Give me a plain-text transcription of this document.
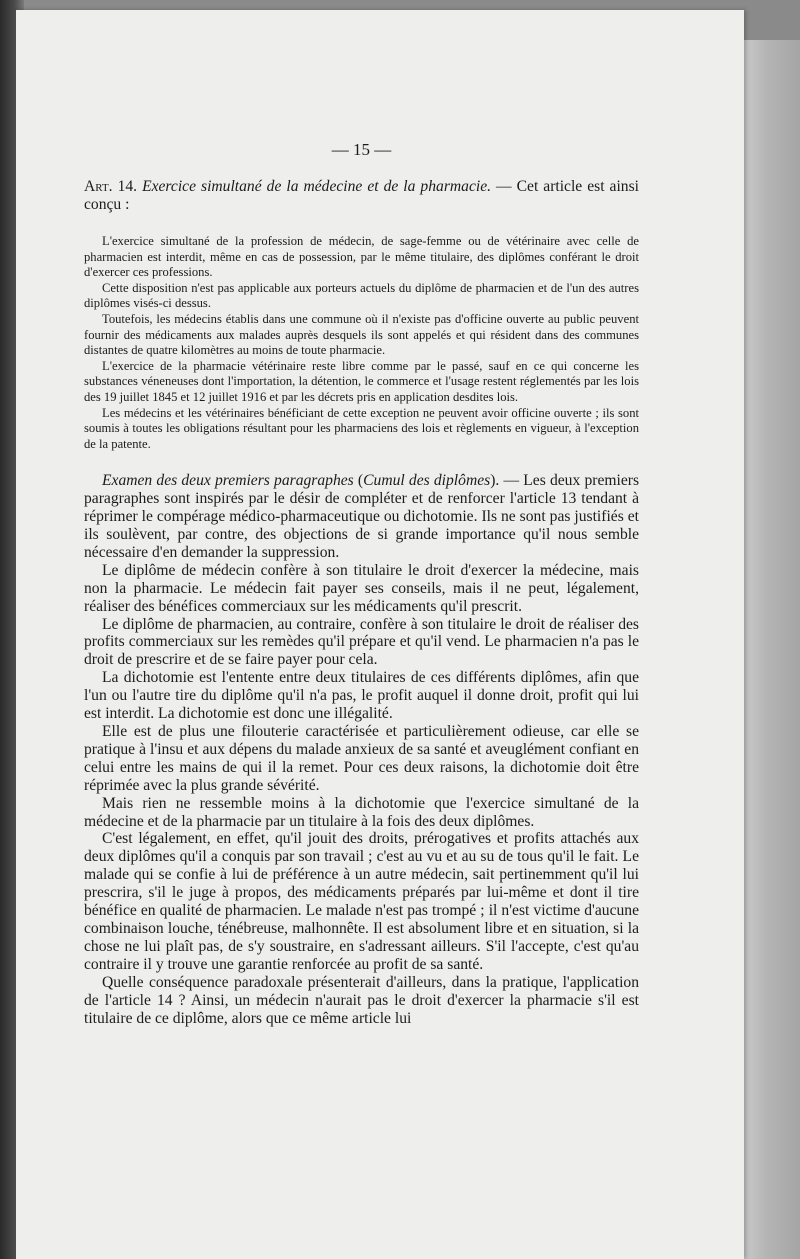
— 15 —

Art. 14. Exercice simultané de la médecine et de la pharmacie. — Cet article est ainsi conçu :

L'exercice simultané de la profession de médecin, de sage-femme ou de vétérinaire avec celle de pharmacien est interdit, même en cas de possession, par le même titulaire, des diplômes conférant le droit d'exercer ces professions.

Cette disposition n'est pas applicable aux porteurs actuels du diplôme de pharmacien et de l'un des autres diplômes visés-ci dessus.

Toutefois, les médecins établis dans une commune où il n'existe pas d'officine ouverte au public peuvent fournir des médicaments aux malades auprès desquels ils sont appelés et qui résident dans des communes distantes de quatre kilomètres au moins de toute pharmacie.

L'exercice de la pharmacie vétérinaire reste libre comme par le passé, sauf en ce qui concerne les substances véneneuses dont l'importation, la détention, le commerce et l'usage restent réglementés par les lois des 19 juillet 1845 et 12 juillet 1916 et par les décrets pris en application desdites lois.

Les médecins et les vétérinaires bénéficiant de cette exception ne peuvent avoir officine ouverte ; ils sont soumis à toutes les obligations résultant pour les pharmaciens des lois et règlements en vigueur, à l'exception de la patente.

Examen des deux premiers paragraphes (Cumul des diplômes). — Les deux premiers paragraphes sont inspirés par le désir de compléter et de renforcer l'article 13 tendant à réprimer le compérage médico-pharmaceutique ou dichotomie. Ils ne sont pas justifiés et ils soulèvent, par contre, des objections de si grande importance qu'il nous semble nécessaire d'en demander la suppression.

Le diplôme de médecin confère à son titulaire le droit d'exercer la médecine, mais non la pharmacie. Le médecin fait payer ses conseils, mais il ne peut, légalement, réaliser des bénéfices commerciaux sur les médicaments qu'il prescrit.

Le diplôme de pharmacien, au contraire, confère à son titulaire le droit de réaliser des profits commerciaux sur les remèdes qu'il prépare et qu'il vend. Le pharmacien n'a pas le droit de prescrire et de se faire payer pour cela.

La dichotomie est l'entente entre deux titulaires de ces différents diplômes, afin que l'un ou l'autre tire du diplôme qu'il n'a pas, le profit auquel il donne droit, profit qui lui est interdit. La dichotomie est donc une illégalité.

Elle est de plus une filouterie caractérisée et particulièrement odieuse, car elle se pratique à l'insu et aux dépens du malade anxieux de sa santé et aveuglément confiant en celui entre les mains de qui il la remet. Pour ces deux raisons, la dichotomie doit être réprimée avec la plus grande sévérité.

Mais rien ne ressemble moins à la dichotomie que l'exercice simultané de la médecine et de la pharmacie par un titulaire à la fois des deux diplômes.

C'est légalement, en effet, qu'il jouit des droits, prérogatives et profits attachés aux deux diplômes qu'il a conquis par son travail ; c'est au vu et au su de tous qu'il le fait. Le malade qui se confie à lui de préférence à un autre médecin, sait pertinemment qu'il lui prescrira, s'il le juge à propos, des médicaments préparés par lui-même et dont il tire bénéfice en qualité de pharmacien. Le malade n'est pas trompé ; il n'est victime d'aucune combinaison louche, ténébreuse, malhonnête. Il est absolument libre et en situation, si la chose ne lui plaît pas, de s'y soustraire, en s'adressant ailleurs. S'il l'accepte, c'est qu'au contraire il y trouve une garantie renforcée au profit de sa santé.

Quelle conséquence paradoxale présenterait d'ailleurs, dans la pratique, l'application de l'article 14 ? Ainsi, un médecin n'aurait pas le droit d'exercer la pharmacie s'il est titulaire de ce diplôme, alors que ce même article lui
